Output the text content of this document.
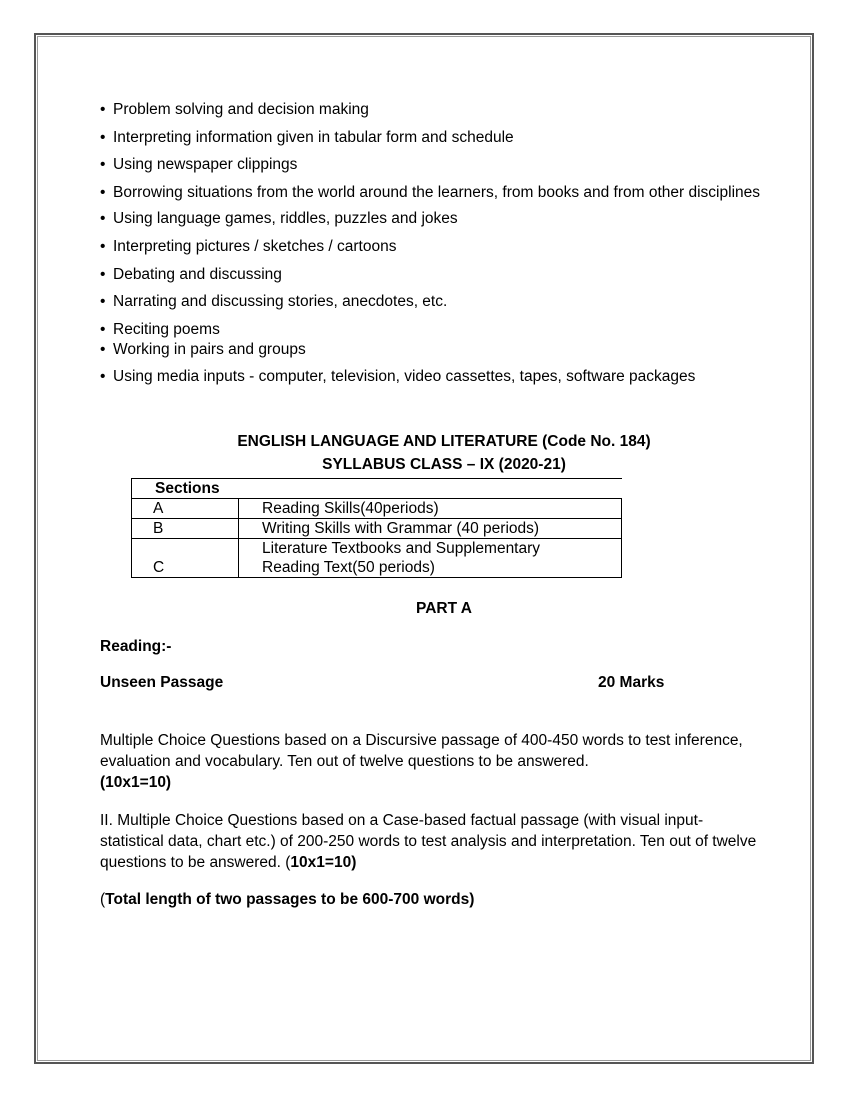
• Problem solving and decision making
• Interpreting information given in tabular form and schedule
• Using newspaper clippings
• Borrowing situations from the world around the learners, from books and from other disciplines
• Using language games, riddles, puzzles and jokes
• Interpreting pictures / sketches / cartoons
• Debating and discussing
• Narrating and discussing stories, anecdotes, etc.
• Reciting poems
• Working in pairs and groups
• Using media inputs - computer, television, video cassettes, tapes, software packages
ENGLISH LANGUAGE AND LITERATURE (Code No. 184)
SYLLABUS CLASS – IX (2020-21)
Sections	
A	Reading Skills(40periods)
B	Writing Skills with Grammar (40 periods)
C	Literature Textbooks and Supplementary
Reading Text(50 periods)
PART A
Reading:-
Unseen Passage	20 Marks
Multiple Choice Questions based on a Discursive passage of 400-450 words to test inference, evaluation and vocabulary. Ten out of twelve questions to be answered.
(10x1=10)
II. Multiple Choice Questions based on a Case-based factual passage (with visual input- statistical data, chart etc.) of 200-250 words to test analysis and interpretation. Ten out of twelve questions to be answered. (10x1=10)
(Total length of two passages to be 600-700 words)
